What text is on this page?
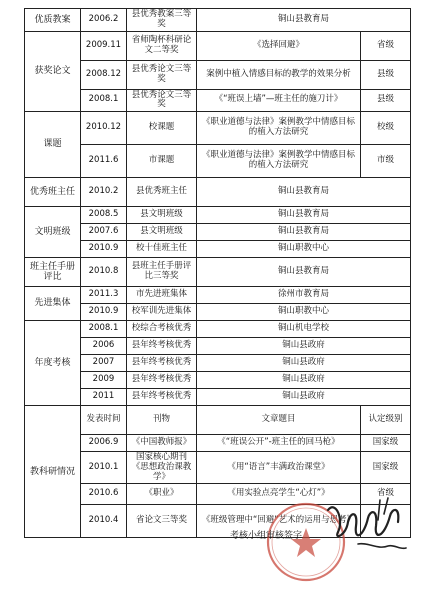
优质教案	2006.2	县优秀教案三等奖	铜山县教育局	
获奖论文	2009.11	省师陶杯科研论文二等奖	《选择回避》	省级
	2008.12	县优秀论文三等奖	案例中植入情感目标的教学的效果分析	县级
	2008.1	县优秀论文三等奖	《“班误上墙”—班主任的施刀计》	县级
课题	2010.12	校课题	《职业道德与法律》案例教学中情感目标的植入方法研究	校级
	2011.6	市课题	《职业道德与法律》案例教学中情感目标的植入方法研究	市级
优秀班主任	2010.2	县优秀班主任	铜山县教育局	
文明班级	2008.5	县文明班级	铜山县教育局	
	2007.6	县文明班级	铜山县教育局	
	2010.9	校十佳班主任	铜山职教中心	
班主任手册评比	2010.8	县班主任手册评比三等奖	铜山县教育局	
先进集体	2011.3	市先进班集体	徐州市教育局	
	2010.9	校军训先进集体	铜山职教中心	
年度考核	2008.1	校综合考核优秀	铜山机电学校	
	2006	县年终考核优秀	铜山县政府	
	2007	县年终考核优秀	铜山县政府	
	2009	县年终考核优秀	铜山县政府	
	2011	县年终考核优秀	铜山县政府	
教科研情况	发表时间	刊物	文章题目	认定级别
	2006.9	《中国教师报》	《“班误公开”-班主任的回马枪》	国家级
	2010.1	国家核心期刊《思想政治课教学》	《用“语言”丰满政治课堂》	国家级
	2010.6	《职业》	《用实验点亮学生“心灯”》	省级
	2010.4	省论文三等奖	《班级管理中“回避”艺术的运用与思考》	
考核小组审核签字
